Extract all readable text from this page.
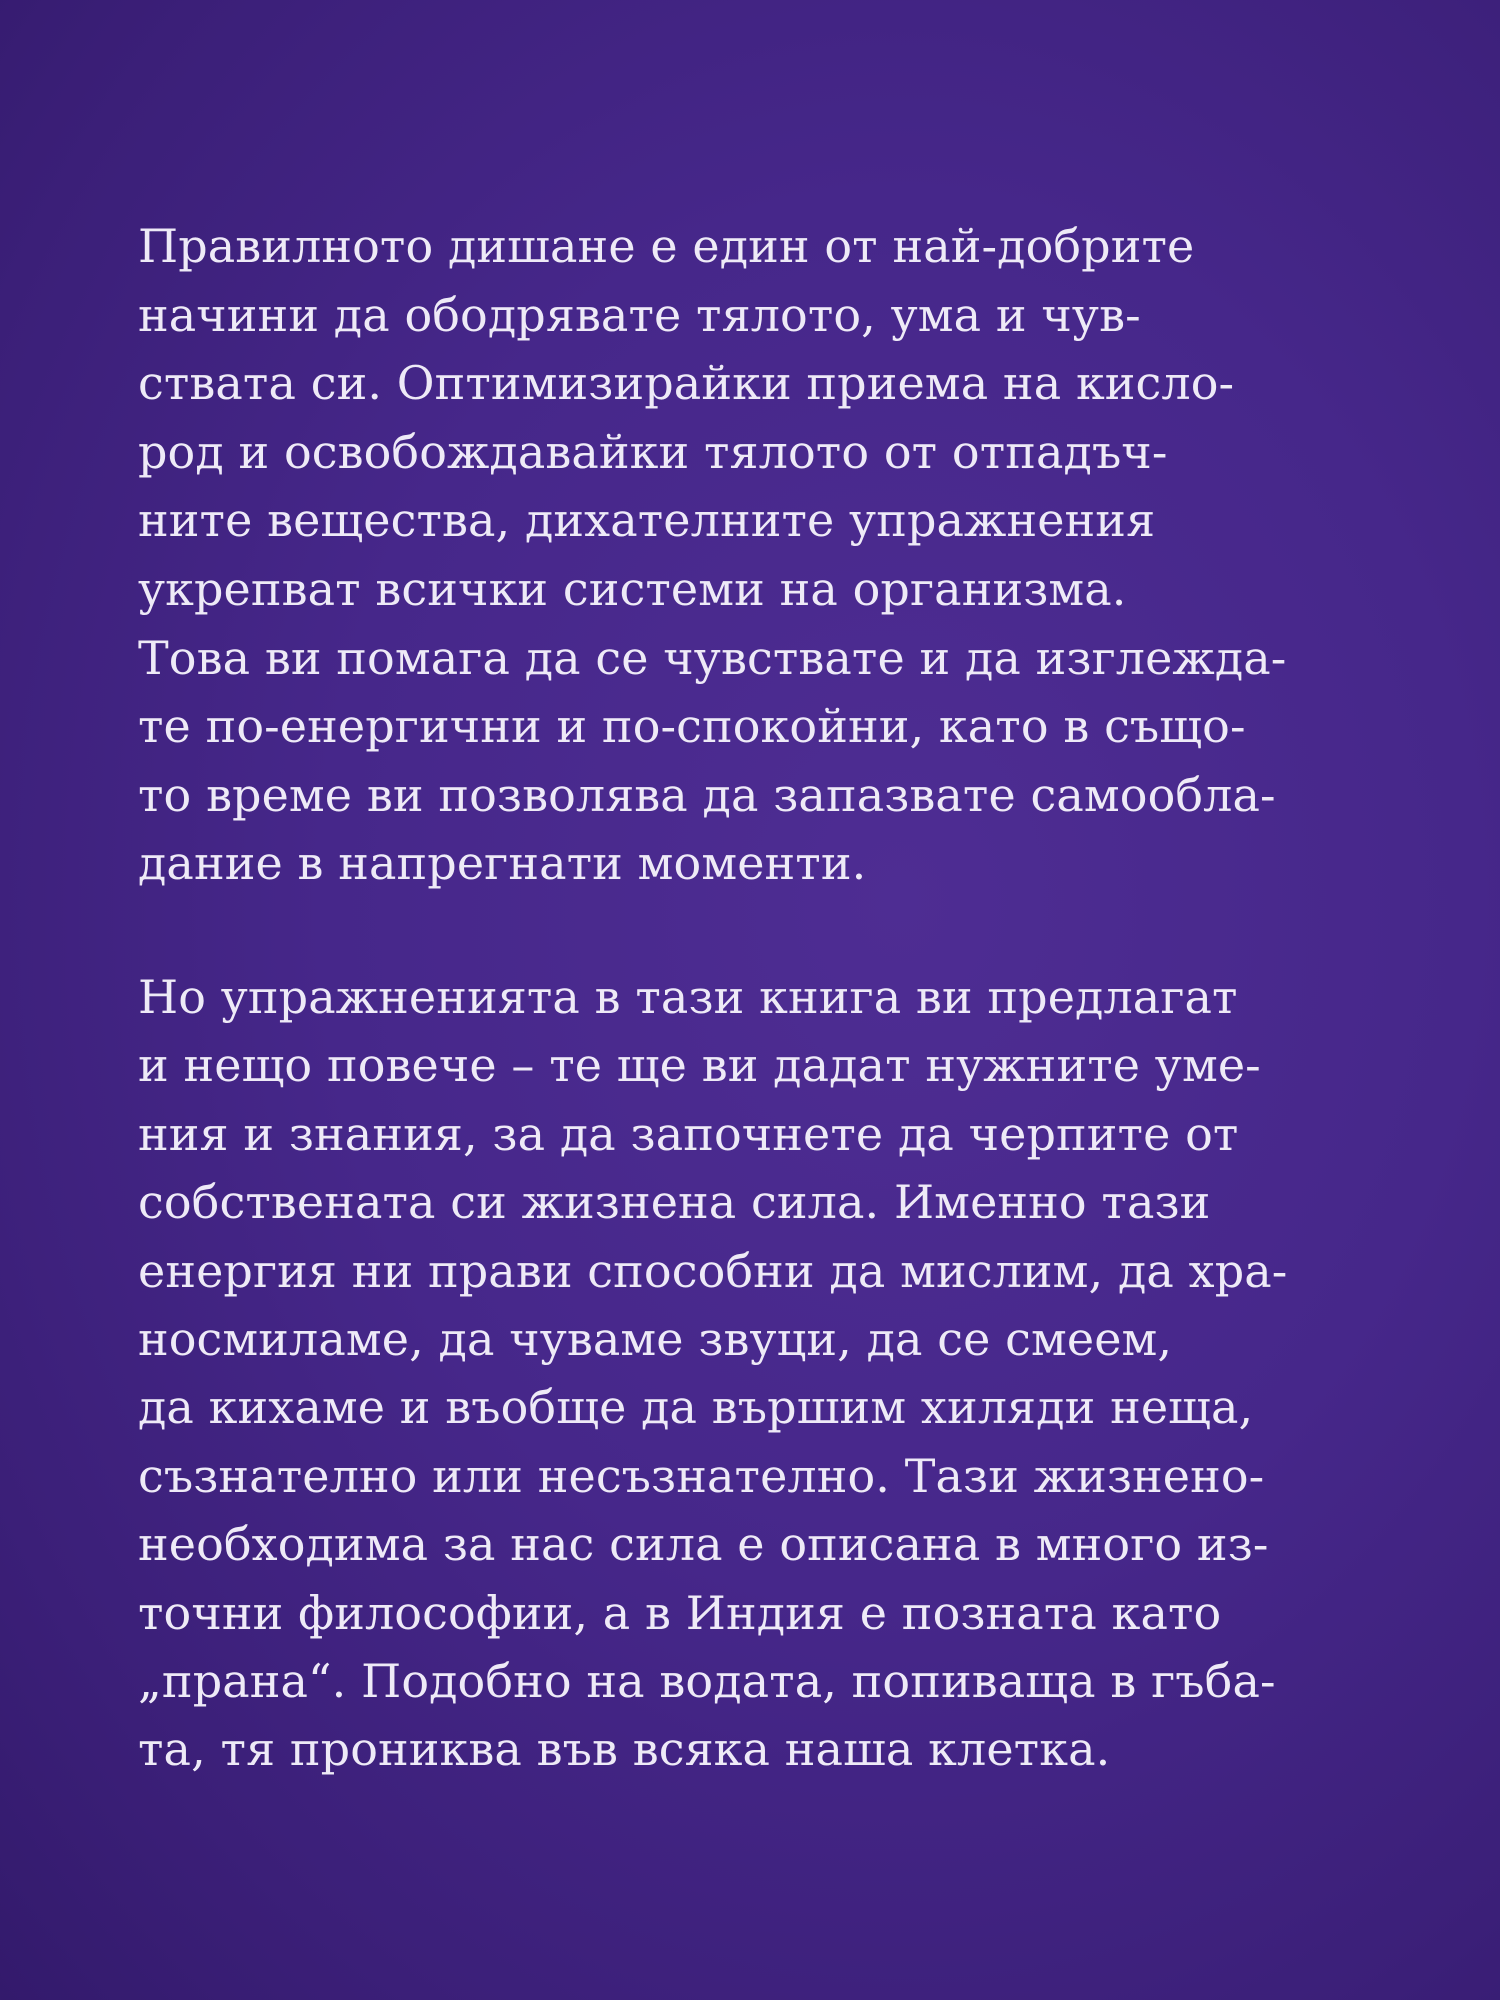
Правилното дишане е един от най-добрите
начини да ободрявате тялото, ума и чув-
ствата си. Оптимизирайки приема на кисло-
род и освобождавайки тялото от отпадъч-
ните вещества, дихателните упражнения
укрепват всички системи на организма.
Това ви помага да се чувствате и да изглежда-
те по-енергични и по-спокойни, като в същo-
то време ви позволява да запазвате самообла-
дание в напрегнати моменти.
Но упражненията в тази книга ви предлагат
и нещо повече – те ще ви дадат нужните уме-
ния и знания, за да започнете да черпите от
собствената си жизнена сила. Именно тази
енергия ни прави способни да мислим, да хра-
носмиламе, да чуваме звуци, да се смеем,
да кихаме и въобще да вършим хиляди неща,
съзнателно или несъзнателно. Тази жизнено-
необходима за нас сила е описана в много из-
точни философии, а в Индия е позната като
„прана“. Подобно на водата, попиваща в гъба-
та, тя прониква във всяка наша клетка.
